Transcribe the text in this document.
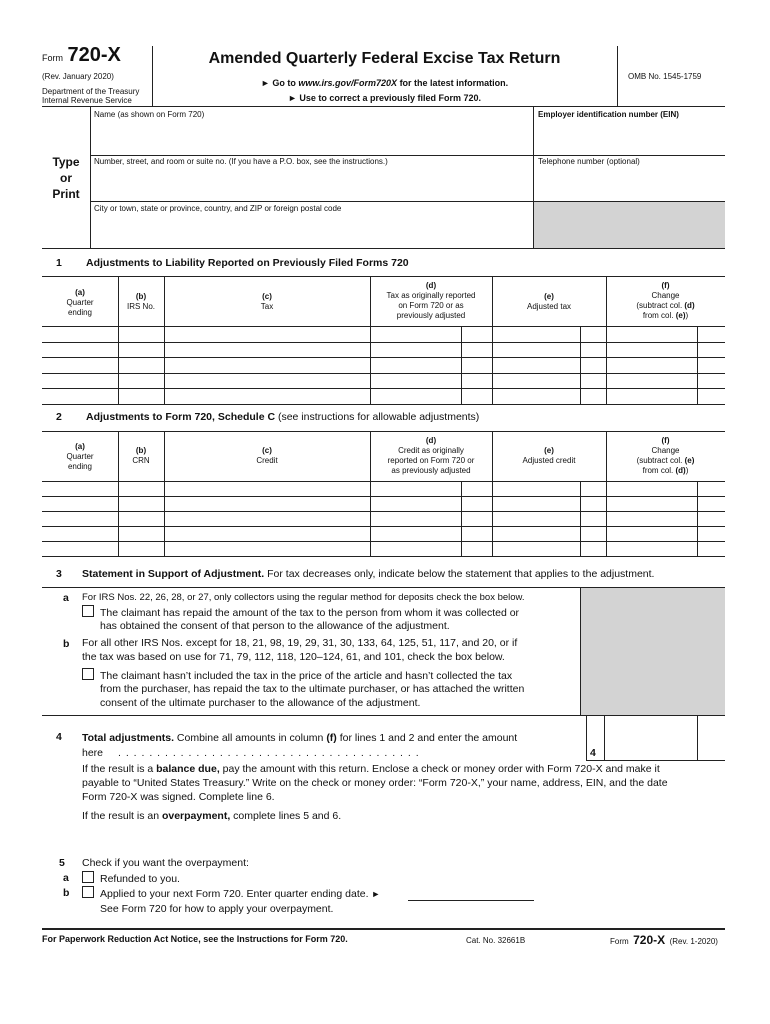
Form 720-X
(Rev. January 2020)
Department of the Treasury
Internal Revenue Service
Amended Quarterly Federal Excise Tax Return
► Go to www.irs.gov/Form720X for the latest information.
► Use to correct a previously filed Form 720.
OMB No. 1545-1759
Type
or
Print
Name (as shown on Form 720)	Employer identification number (EIN)
Number, street, and room or suite no. (If you have a P.O. box, see the instructions.)	Telephone number (optional)
City or town, state or province, country, and ZIP or foreign postal code
1 Adjustments to Liability Reported on Previously Filed Forms 720
(a)
Quarter
ending
(b)
IRS No.
(c)
Tax
(d)
Tax as originally reported
on Form 720 or as
previously adjusted
(e)
Adjusted tax
(f)
Change
(subtract col. (d)
from col. (e))
2 Adjustments to Form 720, Schedule C (see instructions for allowable adjustments)
(a)
Quarter
ending
(b)
CRN
(c)
Credit
(d)
Credit as originally
reported on Form 720 or
as previously adjusted
(e)
Adjusted credit
(f)
Change
(subtract col. (e)
from col. (d))
3 Statement in Support of Adjustment. For tax decreases only, indicate below the statement that applies to the adjustment.
a For IRS Nos. 22, 26, 28, or 27, only collectors using the regular method for deposits check the box below.
The claimant has repaid the amount of the tax to the person from whom it was collected or
has obtained the consent of that person to the allowance of the adjustment.
b For all other IRS Nos. except for 18, 21, 98, 19, 29, 31, 30, 133, 64, 125, 51, 117, and 20, or if
the tax was based on use for 71, 79, 112, 118, 120–124, 61, and 101, check the box below.
The claimant hasn’t included the tax in the price of the article and hasn’t collected the tax
from the purchaser, has repaid the tax to the ultimate purchaser, or has attached the written
consent of the ultimate purchaser to the allowance of the adjustment.
4 Total adjustments. Combine all amounts in column (f) for lines 1 and 2 and enter the amount
here . . . . . . . . . . . . . . . . . . . . . . . . . . . . . . . . . . . . . . .	4
If the result is a balance due, pay the amount with this return. Enclose a check or money order with Form 720-X and make it
payable to “United States Treasury.” Write on the check or money order: “Form 720-X,” your name, address, EIN, and the date
Form 720-X was signed. Complete line 6.
If the result is an overpayment, complete lines 5 and 6.
5 Check if you want the overpayment:
a	Refunded to you.
b	Applied to your next Form 720. Enter quarter ending date. ►
See Form 720 for how to apply your overpayment.
For Paperwork Reduction Act Notice, see the Instructions for Form 720.	Cat. No. 32661B	Form 720-X (Rev. 1-2020)
